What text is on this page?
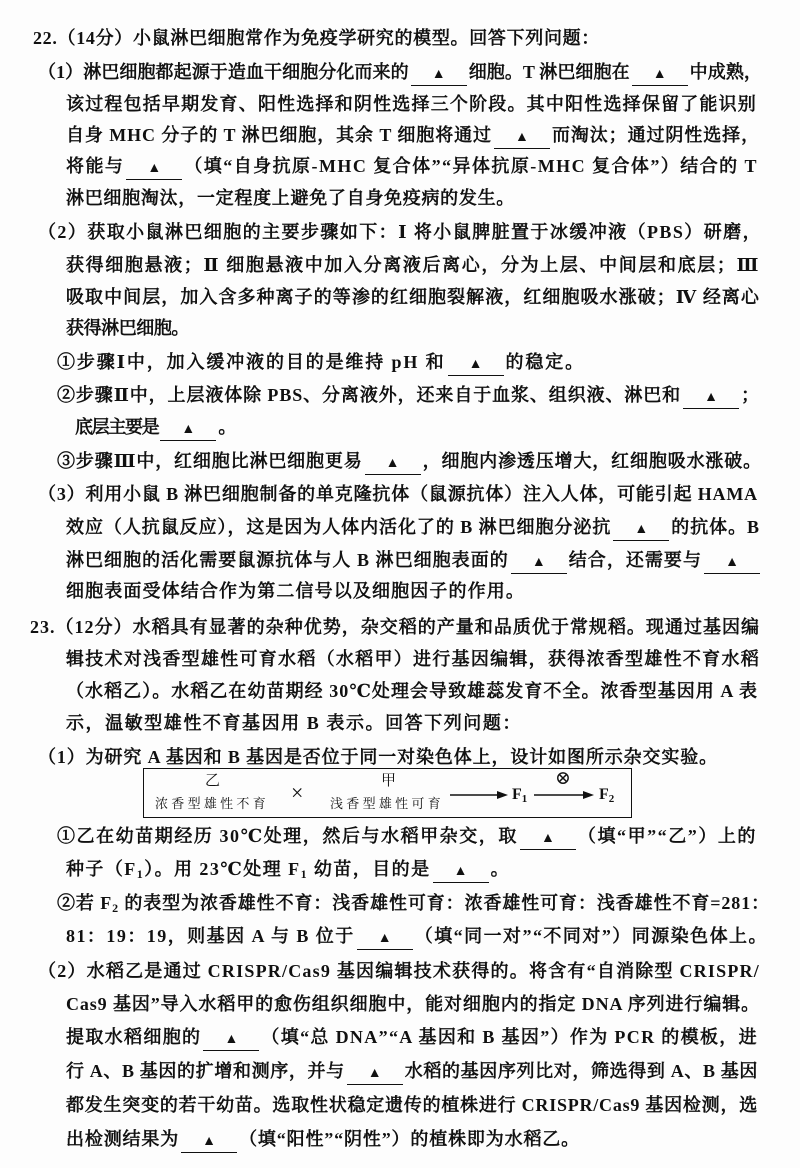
22.（14分）小鼠淋巴细胞常作为免疫学研究的模型。回答下列问题：
（1）淋巴细胞都起源于造血干细胞分化而来的 ▲ 细胞。T 淋巴细胞在 ▲ 中成熟，
该过程包括早期发育、阳性选择和阴性选择三个阶段。其中阳性选择保留了能识别
自身 MHC 分子的 T 淋巴细胞，其余 T 细胞将通过 ▲ 而淘汰；通过阴性选择，
将能与 ▲ （填“自身抗原-MHC 复合体”“异体抗原-MHC 复合体”）结合的 T
淋巴细胞淘汰，一定程度上避免了自身免疫病的发生。
（2）获取小鼠淋巴细胞的主要步骤如下：Ⅰ 将小鼠脾脏置于冰缓冲液（PBS）研磨，
获得细胞悬液；Ⅱ 细胞悬液中加入分离液后离心，分为上层、中间层和底层；Ⅲ
吸取中间层，加入含多种离子的等渗的红细胞裂解液，红细胞吸水涨破；Ⅳ 经离心
获得淋巴细胞。
①步骤Ⅰ中，加入缓冲液的目的是维持 pH 和 ▲ 的稳定。
②步骤Ⅱ中，上层液体除 PBS、分离液外，还来自于血浆、组织液、淋巴和 ▲ ；
底层主要是 ▲ 。
③步骤Ⅲ中，红细胞比淋巴细胞更易 ▲ ，细胞内渗透压增大，红细胞吸水涨破。
（3）利用小鼠 B 淋巴细胞制备的单克隆抗体（鼠源抗体）注入人体，可能引起 HAMA
效应（人抗鼠反应），这是因为人体内活化了的 B 淋巴细胞分泌抗 ▲ 的抗体。B
淋巴细胞的活化需要鼠源抗体与人 B 淋巴细胞表面的 ▲ 结合，还需要与 ▲
细胞表面受体结合作为第二信号以及细胞因子的作用。
23.（12分）水稻具有显著的杂种优势，杂交稻的产量和品质优于常规稻。现通过基因编
辑技术对浅香型雄性可育水稻（水稻甲）进行基因编辑，获得浓香型雄性不育水稻
（水稻乙）。水稻乙在幼苗期经 30℃处理会导致雄蕊发育不全。浓香型基因用 A 表
示，温敏型雄性不育基因用 B 表示。回答下列问题：
（1）为研究 A 基因和 B 基因是否位于同一对染色体上，设计如图所示杂交实验。
乙
浓香型雄性不育 ×	甲
浅香型雄性可育
$F_1$
⊗
$F_2$
①乙在幼苗期经历 30℃处理，然后与水稻甲杂交，取 ▲ （填“甲”“乙”）上的
种子$(F_1)$。用 23℃处理 $F_1$ 幼苗，目的是 ▲ 。
②若 $F_2$ 的表型为浓香雄性不育：浅香雄性可育：浓香雄性可育：浅香雄性不育=281：
81：19：19，则基因 A 与 B 位于 ▲ （填“同一对”“不同对”）同源染色体上。
（2）水稻乙是通过 CRISPR/Cas9 基因编辑技术获得的。将含有“自消除型 CRISPR/
Cas9 基因”导入水稻甲的愈伤组织细胞中，能对细胞内的指定 DNA 序列进行编辑。
提取水稻细胞的 ▲ （填“总 DNA”“A 基因和 B 基因”）作为 PCR 的模板，进
行 A、B 基因的扩增和测序，并与 ▲ 水稻的基因序列比对，筛选得到 A、B 基因
都发生突变的若干幼苗。选取性状稳定遗传的植株进行 CRISPR/Cas9 基因检测，选
出检测结果为 ▲ （填“阳性”“阴性”）的植株即为水稻乙。
